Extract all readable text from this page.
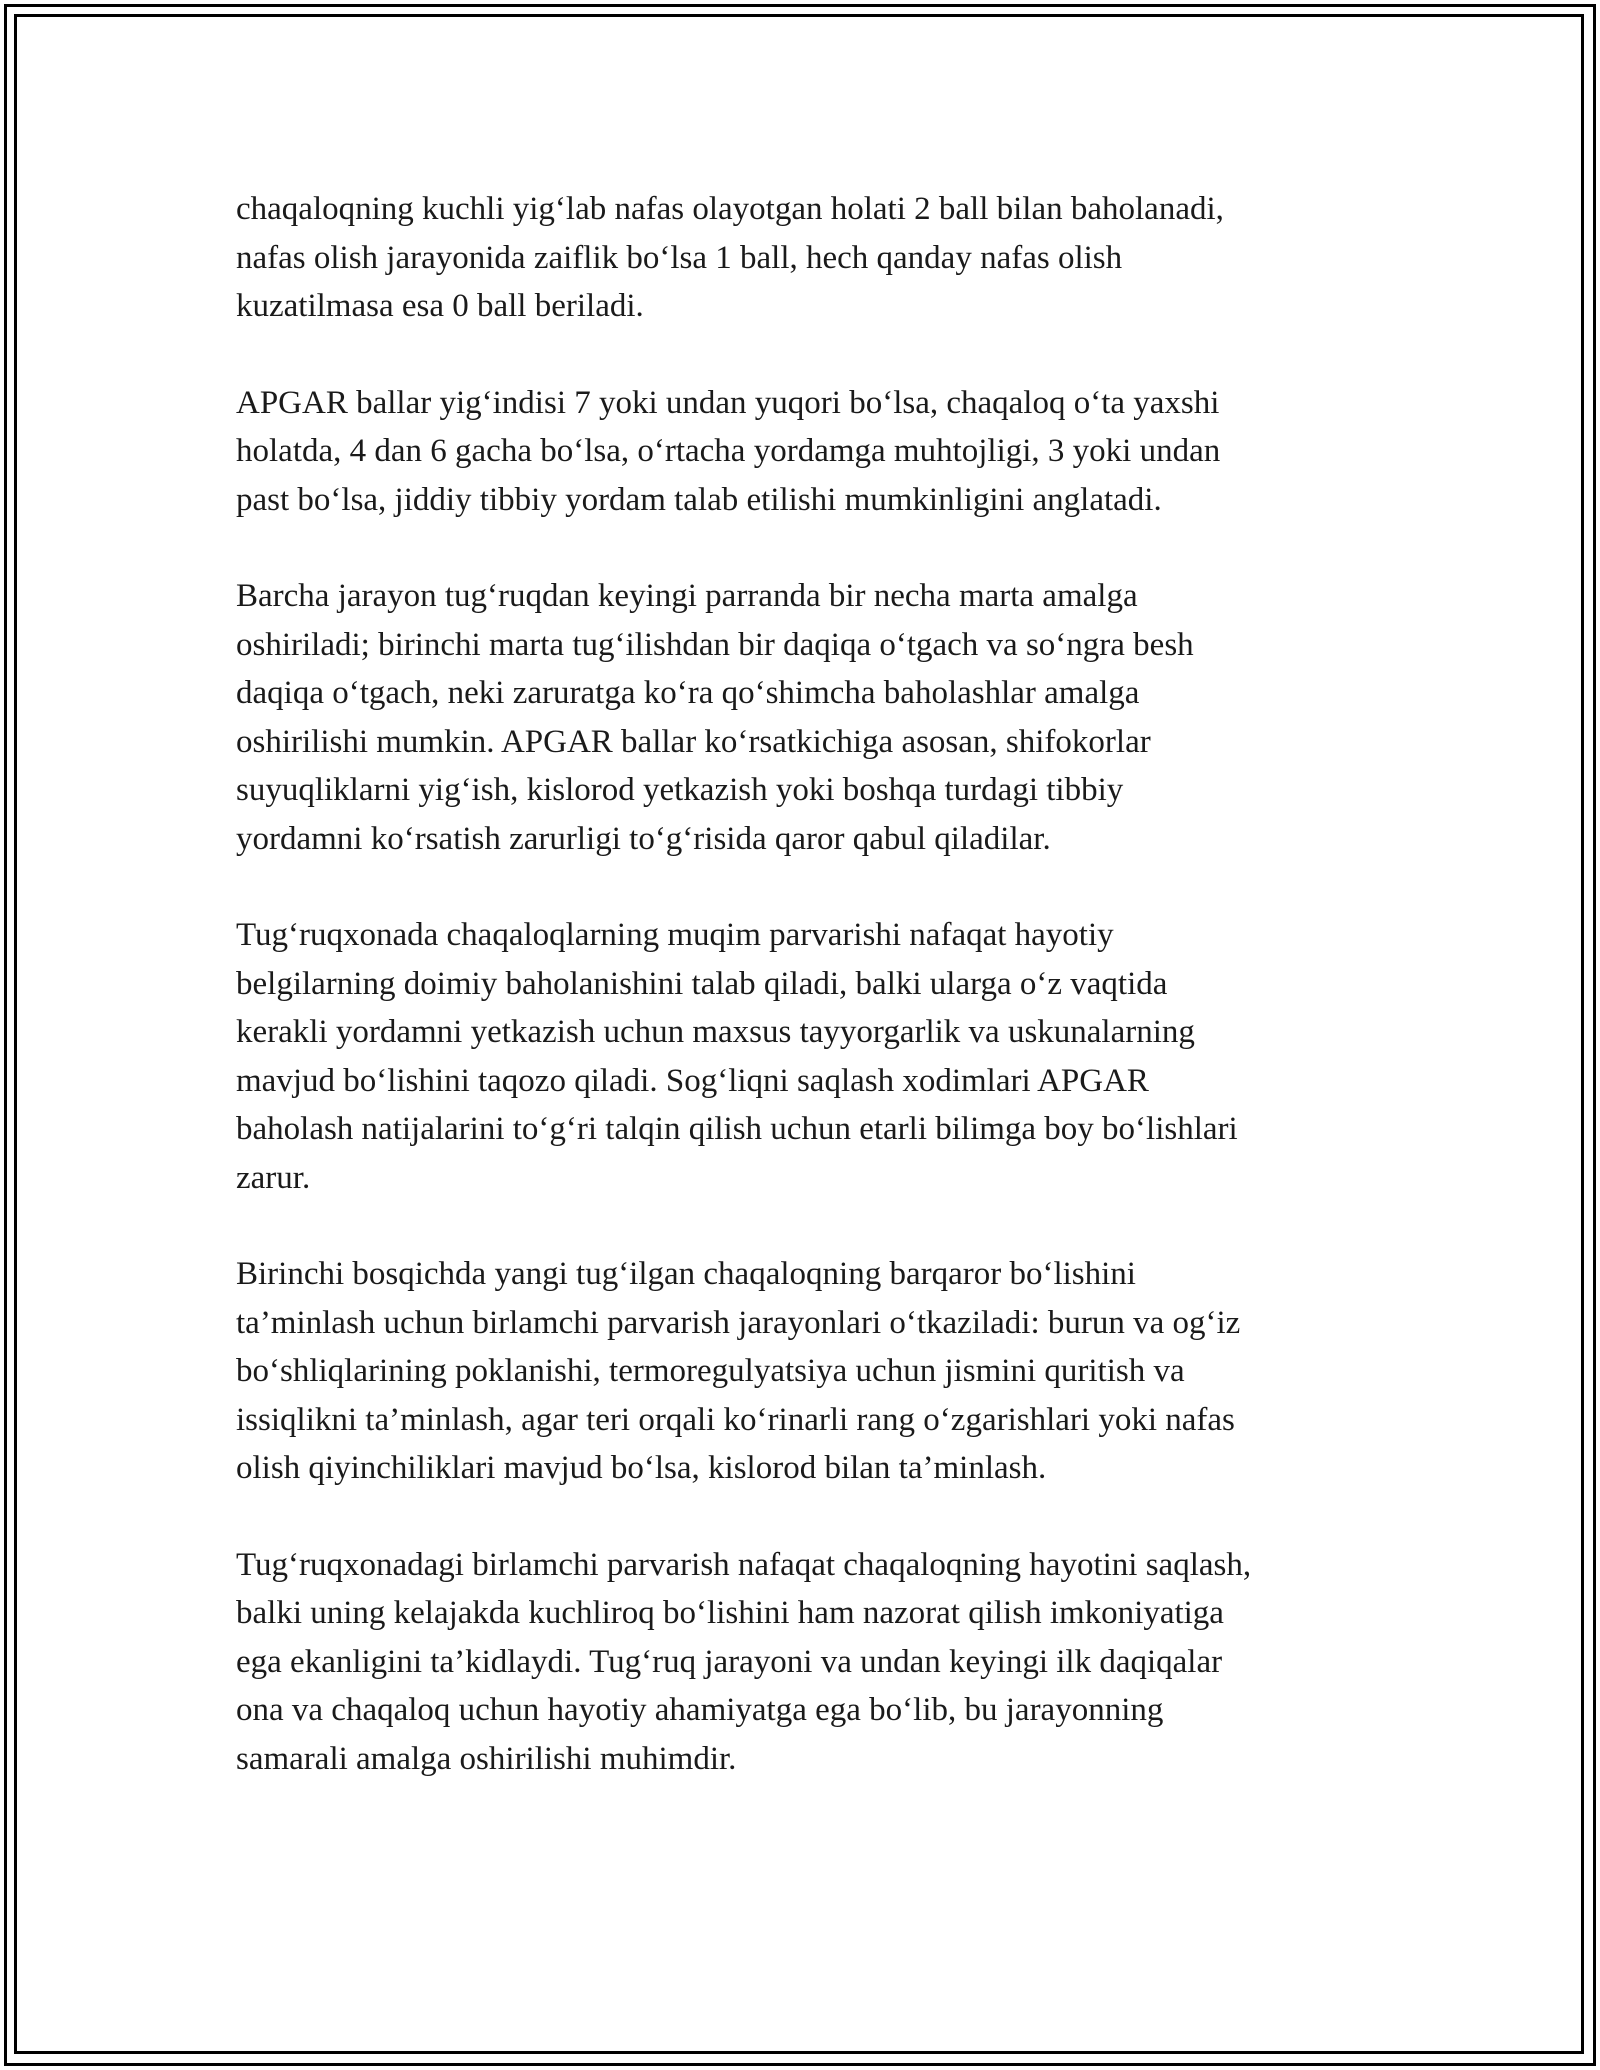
chaqaloqning kuchli yig‘lab nafas olayotgan holati 2 ball bilan baholanadi,
nafas olish jarayonida zaiflik bo‘lsa 1 ball, hech qanday nafas olish
kuzatilmasa esa 0 ball beriladi.

APGAR ballar yig‘indisi 7 yoki undan yuqori bo‘lsa, chaqaloq o‘ta yaxshi
holatda, 4 dan 6 gacha bo‘lsa, o‘rtacha yordamga muhtojligi, 3 yoki undan
past bo‘lsa, jiddiy tibbiy yordam talab etilishi mumkinligini anglatadi.

Barcha jarayon tug‘ruqdan keyingi parranda bir necha marta amalga
oshiriladi; birinchi marta tug‘ilishdan bir daqiqa o‘tgach va so‘ngra besh
daqiqa o‘tgach, neki zaruratga ko‘ra qo‘shimcha baholashlar amalga
oshirilishi mumkin. APGAR ballar ko‘rsatkichiga asosan, shifokorlar
suyuqliklarni yig‘ish, kislorod yetkazish yoki boshqa turdagi tibbiy
yordamni ko‘rsatish zarurligi to‘g‘risida qaror qabul qiladilar.

Tug‘ruqxonada chaqaloqlarning muqim parvarishi nafaqat hayotiy
belgilarning doimiy baholanishini talab qiladi, balki ularga o‘z vaqtida
kerakli yordamni yetkazish uchun maxsus tayyorgarlik va uskunalarning
mavjud bo‘lishini taqozo qiladi. Sog‘liqni saqlash xodimlari APGAR
baholash natijalarini to‘g‘ri talqin qilish uchun etarli bilimga boy bo‘lishlari
zarur.

Birinchi bosqichda yangi tug‘ilgan chaqaloqning barqaror bo‘lishini
ta’minlash uchun birlamchi parvarish jarayonlari o‘tkaziladi: burun va og‘iz
bo‘shliqlarining poklanishi, termoregulyatsiya uchun jismini quritish va
issiqlikni ta’minlash, agar teri orqali ko‘rinarli rang o‘zgarishlari yoki nafas
olish qiyinchiliklari mavjud bo‘lsa, kislorod bilan ta’minlash.

Tug‘ruqxonadagi birlamchi parvarish nafaqat chaqaloqning hayotini saqlash,
balki uning kelajakda kuchliroq bo‘lishini ham nazorat qilish imkoniyatiga
ega ekanligini ta’kidlaydi. Tug‘ruq jarayoni va undan keyingi ilk daqiqalar
ona va chaqaloq uchun hayotiy ahamiyatga ega bo‘lib, bu jarayonning
samarali amalga oshirilishi muhimdir.
